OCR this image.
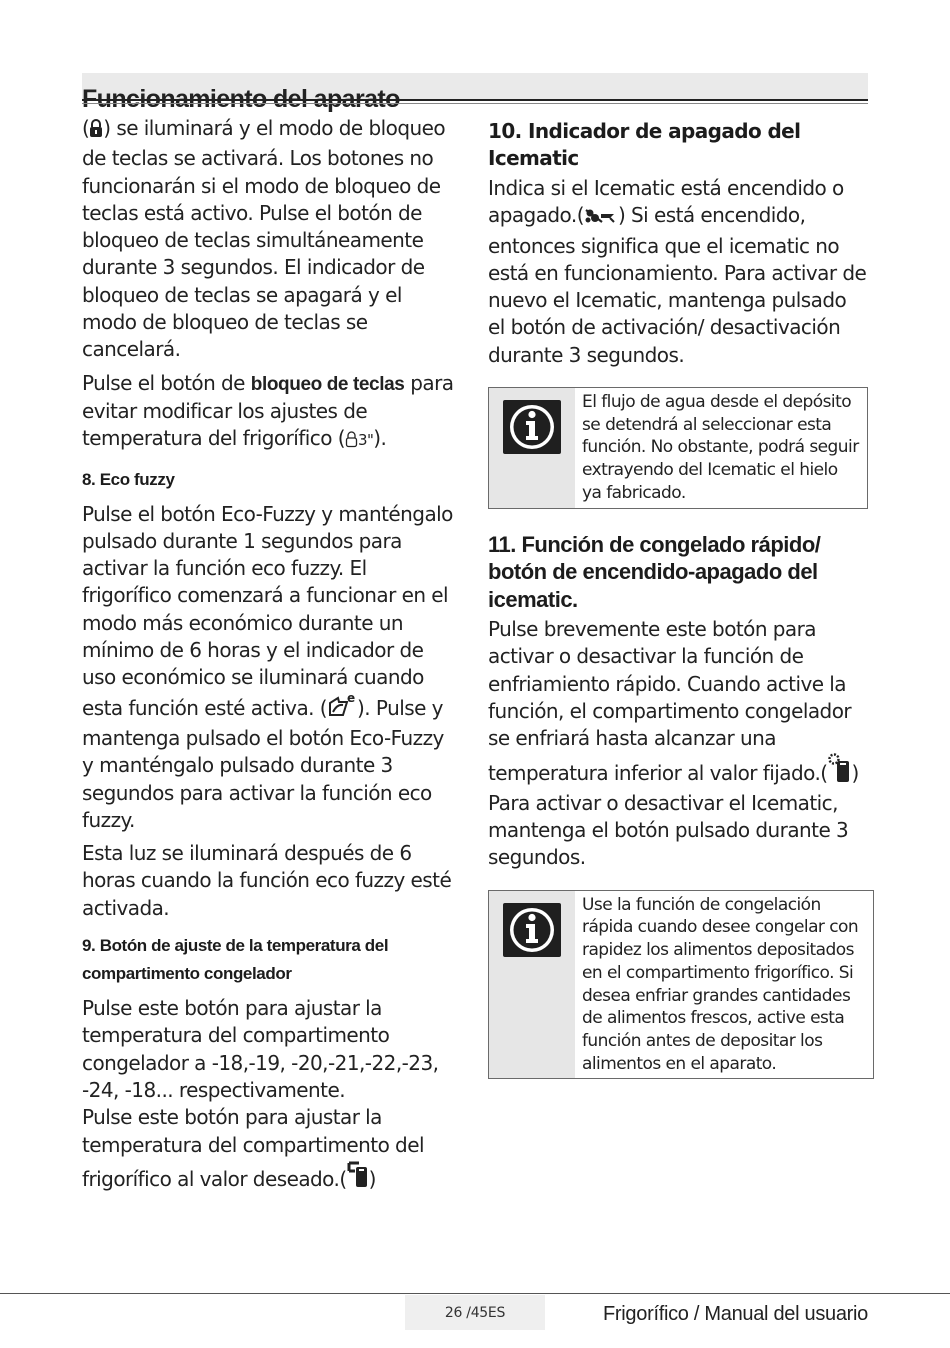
( ) se iluminará y el modo de bloqueo de teclas se activará. Los botones no funcionarán si el modo de bloqueo de teclas está activo. Pulse el botón de bloqueo de teclas simultáneamente durante 3 segundos. El indicador de bloqueo de teclas se apagará y el modo de bloqueo de teclas se cancelará.

Pulse el botón de bloqueo de teclas para evitar modificar los ajustes de temperatura del frigorífico ( 3").

8. Eco fuzzy

Pulse el botón Eco-Fuzzy y manténgalo pulsado durante 1 segundos para activar la función eco fuzzy. El frigorífico comenzará a funcionar en el modo más económico durante un mínimo de 6 horas y el indicador de uso económico se iluminará cuando esta función esté activa. ( e ). Pulse y mantenga pulsado el botón Eco-Fuzzy y manténgalo pulsado durante 3 segundos para activar la función eco fuzzy.

Esta luz se iluminará después de 6 horas cuando la función eco fuzzy esté activada.

9. Botón de ajuste de la temperatura del compartimento congelador

Pulse este botón para ajustar la temperatura del compartimento congelador a -18,-19, -20,-21,-22,-23, -24, -18... respectivamente.

Pulse este botón para ajustar la temperatura del compartimento del frigorífico al valor deseado.( )

10. Indicador de apagado del Icematic

Indica si el Icematic está encendido o apagado.( ) Si está encendido, entonces significa que el icematic no está en funcionamiento. Para activar de nuevo el Icematic, mantenga pulsado el botón de activación/ desactivación durante 3 segundos.

El flujo de agua desde el depósito se detendrá al seleccionar esta función. No obstante, podrá seguir extrayendo del Icematic el hielo ya fabricado.
11. Función de congelado rápido/ botón de encendido-apagado del icematic.

Pulse brevemente este botón para activar o desactivar la función de enfriamiento rápido. Cuando active la función, el compartimento congelador se enfriará hasta alcanzar una temperatura inferior al valor fijado.( )

Para activar o desactivar el Icematic, mantenga el botón pulsado durante 3 segundos.

Use la función de congelación rápida cuando desee congelar con rapidez los alimentos depositados en el compartimento frigorífico. Si desea enfriar grandes cantidades de alimentos frescos, active esta función antes de depositar los alimentos en el aparato.
26 /45ES	Frigorífico / Manual del usuario
